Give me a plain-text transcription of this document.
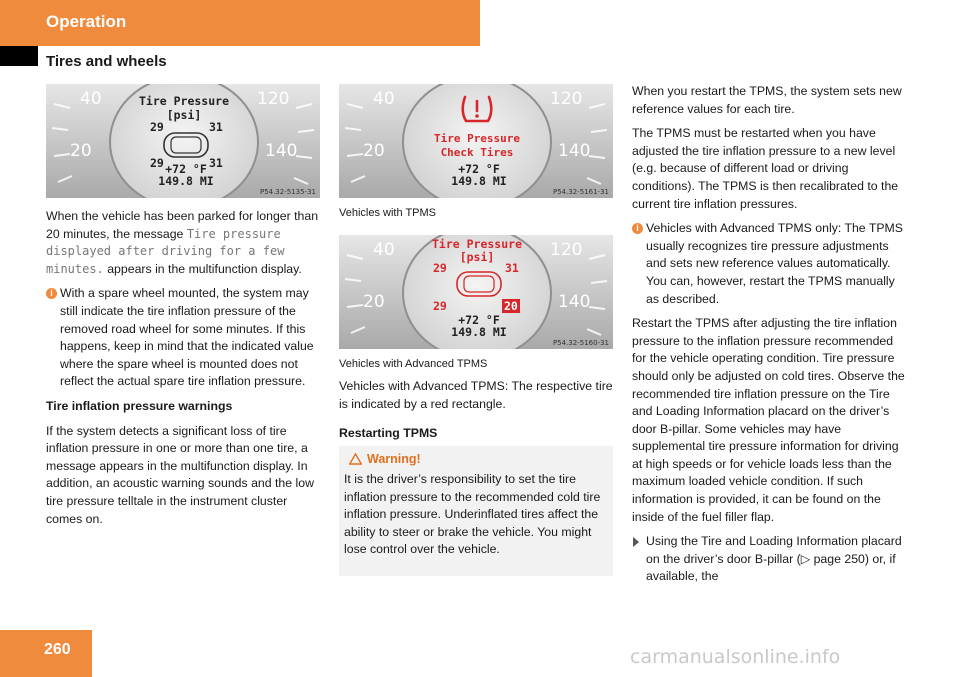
Operation
Tires and wheels
40
20
120
140
Tire Pressure
[psi]
29	31
29	31
+72 °F
149.8 MI
P54.32-5135-31
40
20
120
140
Tire Pressure
Check Tires
+72 °F
149.8 MI
P54.32-5161-31
Vehicles with TPMS
40
20
120
140
Tire Pressure
[psi]
29	31
29	20
+72 °F
149.8 MI
P54.32-5160-31
Vehicles with Advanced TPMS

When the vehicle has been parked for longer than 20 minutes, the message Tire pressure displayed after driving for a few minutes. appears in the multifunction display.

i With a spare wheel mounted, the system may still indicate the tire inflation pressure of the removed road wheel for some minutes. If this happens, keep in mind that the indicated value where the spare wheel is mounted does not reflect the actual spare tire inflation pressure.

Tire inflation pressure warnings

If the system detects a significant loss of tire inflation pressure in one or more than one tire, a message appears in the multifunction display. In addition, an acoustic warning sounds and the low tire pressure telltale in the instrument cluster comes on.

Vehicles with Advanced TPMS: The respective tire is indicated by a red rectangle.

Restarting TPMS

Warning!
It is the driver’s responsibility to set the tire inflation pressure to the recommended cold tire inflation pressure. Underinflated tires affect the ability to steer or brake the vehicle. You might lose control over the vehicle.

When you restart the TPMS, the system sets new reference values for each tire.

The TPMS must be restarted when you have adjusted the tire inflation pressure to a new level (e.g. because of different load or driving conditions). The TPMS is then recalibrated to the current tire inflation pressures.

i Vehicles with Advanced TPMS only: The TPMS usually recognizes tire pressure adjustments and sets new reference values automatically. You can, however, restart the TPMS manually as described.

Restart the TPMS after adjusting the tire inflation pressure to the inflation pressure recommended for the vehicle operating condition. Tire pressure should only be adjusted on cold tires. Observe the recommended tire inflation pressure on the Tire and Loading Information placard on the driver’s door B-pillar. Some vehicles may have supplemental tire pressure information for driving at high speeds or for vehicle loads less than the maximum loaded vehicle condition. If such information is provided, it can be found on the inside of the fuel filler flap.

Using the Tire and Loading Information placard on the driver’s door B-pillar (▷ page 250) or, if available, the

260	carmanualsonline.info
